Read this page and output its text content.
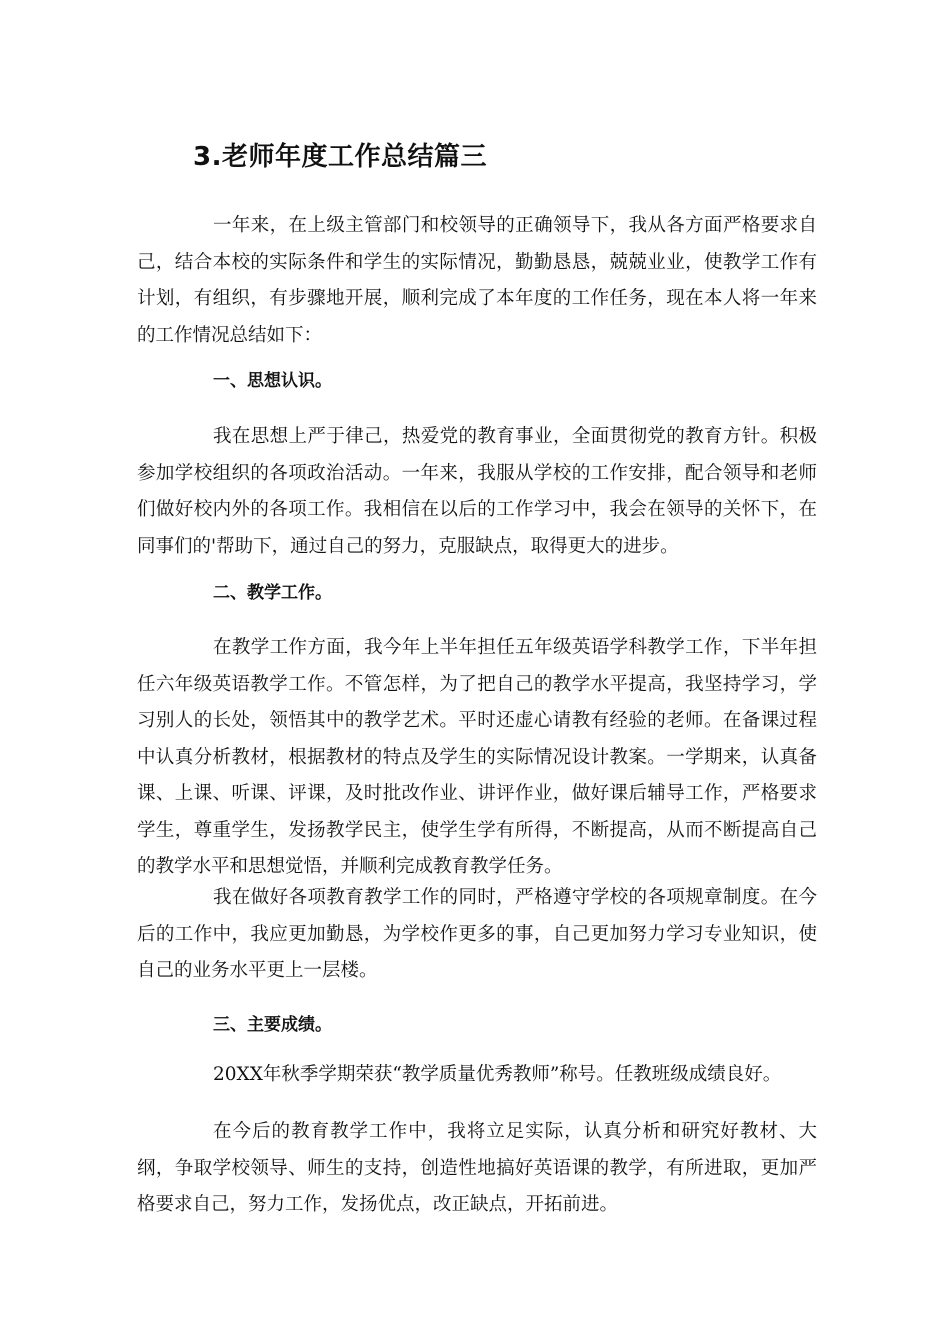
3.老师年度工作总结篇三

一年来，在上级主管部门和校领导的正确领导下，我从各方面严格要求自己，结合本校的实际条件和学生的实际情况，勤勤恳恳，兢兢业业，使教学工作有计划，有组织，有步骤地开展，顺利完成了本年度的工作任务，现在本人将一年来的工作情况总结如下：

一、思想认识。

我在思想上严于律己，热爱党的教育事业，全面贯彻党的教育方针。积极参加学校组织的各项政治活动。一年来，我服从学校的工作安排，配合领导和老师们做好校内外的各项工作。我相信在以后的工作学习中，我会在领导的关怀下，在同事们的'帮助下，通过自己的努力，克服缺点，取得更大的进步。

二、教学工作。

在教学工作方面，我今年上半年担任五年级英语学科教学工作，下半年担任六年级英语教学工作。不管怎样，为了把自己的教学水平提高，我坚持学习，学习别人的长处，领悟其中的教学艺术。平时还虚心请教有经验的老师。在备课过程中认真分析教材，根据教材的特点及学生的实际情况设计教案。一学期来，认真备课、上课、听课、评课，及时批改作业、讲评作业，做好课后辅导工作，严格要求学生，尊重学生，发扬教学民主，使学生学有所得，不断提高，从而不断提高自己的教学水平和思想觉悟，并顺利完成教育教学任务。

我在做好各项教育教学工作的同时，严格遵守学校的各项规章制度。在今后的工作中，我应更加勤恳，为学校作更多的事，自己更加努力学习专业知识，使自己的业务水平更上一层楼。

三、主要成绩。

20XX年秋季学期荣获“教学质量优秀教师”称号。任教班级成绩良好。

在今后的教育教学工作中，我将立足实际，认真分析和研究好教材、大纲，争取学校领导、师生的支持，创造性地搞好英语课的教学，有所进取，更加严格要求自己，努力工作，发扬优点，改正缺点，开拓前进。
